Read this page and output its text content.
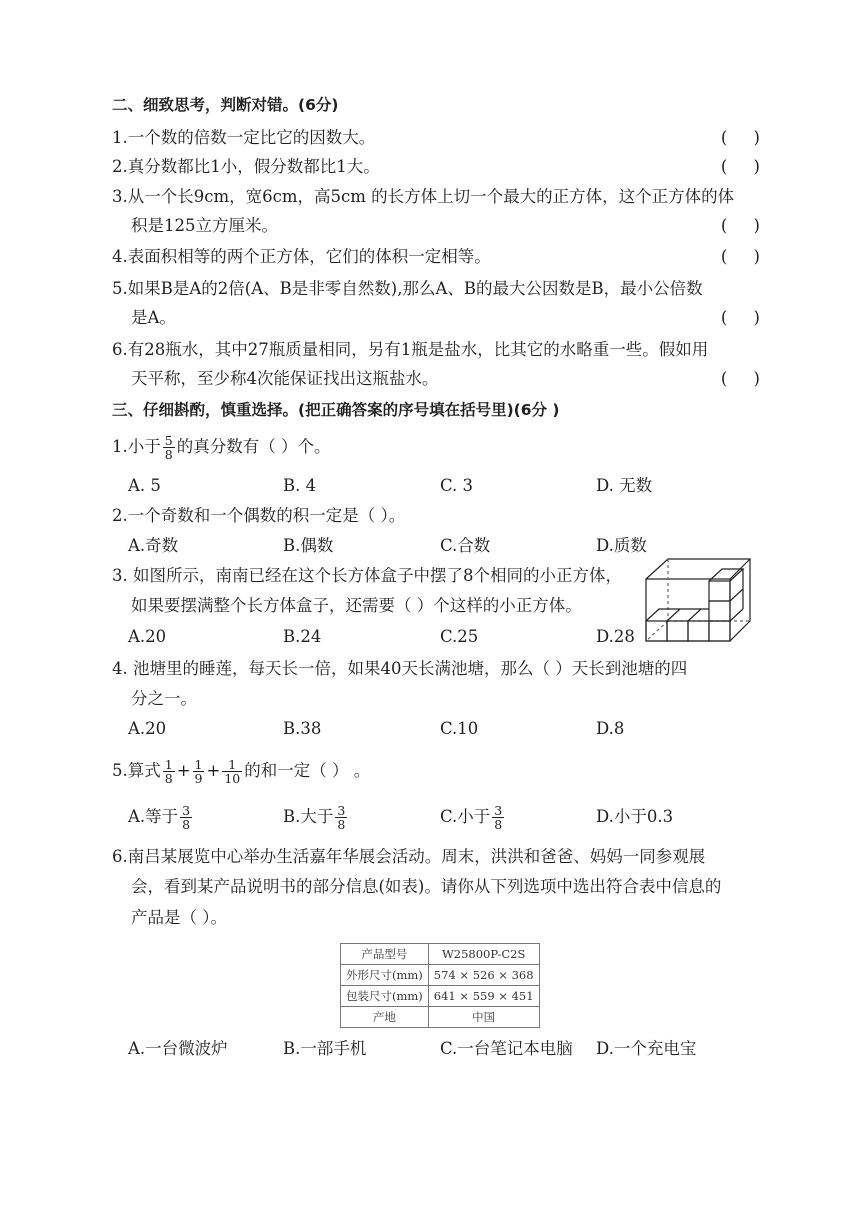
二、细致思考，判断对错。(6分)
1.一个数的倍数一定比它的因数大。	(     )
2.真分数都比1小，假分数都比1大。	(     )
3.从一个长9cm，宽6cm，高5cm 的长方体上切一个最大的正方体，这个正方体的体
积是125立方厘米。	(     )
4.表面积相等的两个正方体，它们的体积一定相等。	(     )
5.如果B是A的2倍(A、B是非零自然数),那么A、B的最大公因数是B，最小公倍数
是A。	(     )
6.有28瓶水，其中27瓶质量相同，另有1瓶是盐水，比其它的水略重一些。假如用
天平称，至少称4次能保证找出这瓶盐水。	(     )
三、仔细斟酌，慎重选择。(把正确答案的序号填在括号里)(6分 )
1.小于 $\frac{5}{8}$ 的真分数有（ ）个。
A. 5	B. 4	C. 3	D. 无数
2.一个奇数和一个偶数的积一定是（ ）。
A.奇数	B.偶数	C.合数	D.质数
3. 如图所示，南南已经在这个长方体盒子中摆了8个相同的小正方体，
如果要摆满整个长方体盒子，还需要（ ）个这样的小正方体。
A.20	B.24	C.25	D.28
4. 池塘里的睡莲，每天长一倍，如果40天长满池塘，那么（ ）天长到池塘的四
分之一。
A.20	B.38	C.10	D.8
5.算式 $\frac{1}{8} + \frac{1}{9} + \frac{1}{10}$ 的和一定（ ） 。
A.等于 $\frac{3}{8}$	B.大于 $\frac{3}{8}$	C.小于 $\frac{3}{8}$	D.小于0.3
6.南吕某展览中心举办生活嘉年华展会活动。周末，洪洪和爸爸、妈妈一同参观展
会，看到某产品说明书的部分信息(如表)。请你从下列选项中选出符合表中信息的
产品是（ ）。
产品型号	W25800P-C2S
外形尺寸(mm)	574 × 526 × 368
包装尺寸(mm)	641 × 559 × 451
产地	中国
A.一台微波炉	B.一部手机	C.一台笔记本电脑 D.一个充电宝
